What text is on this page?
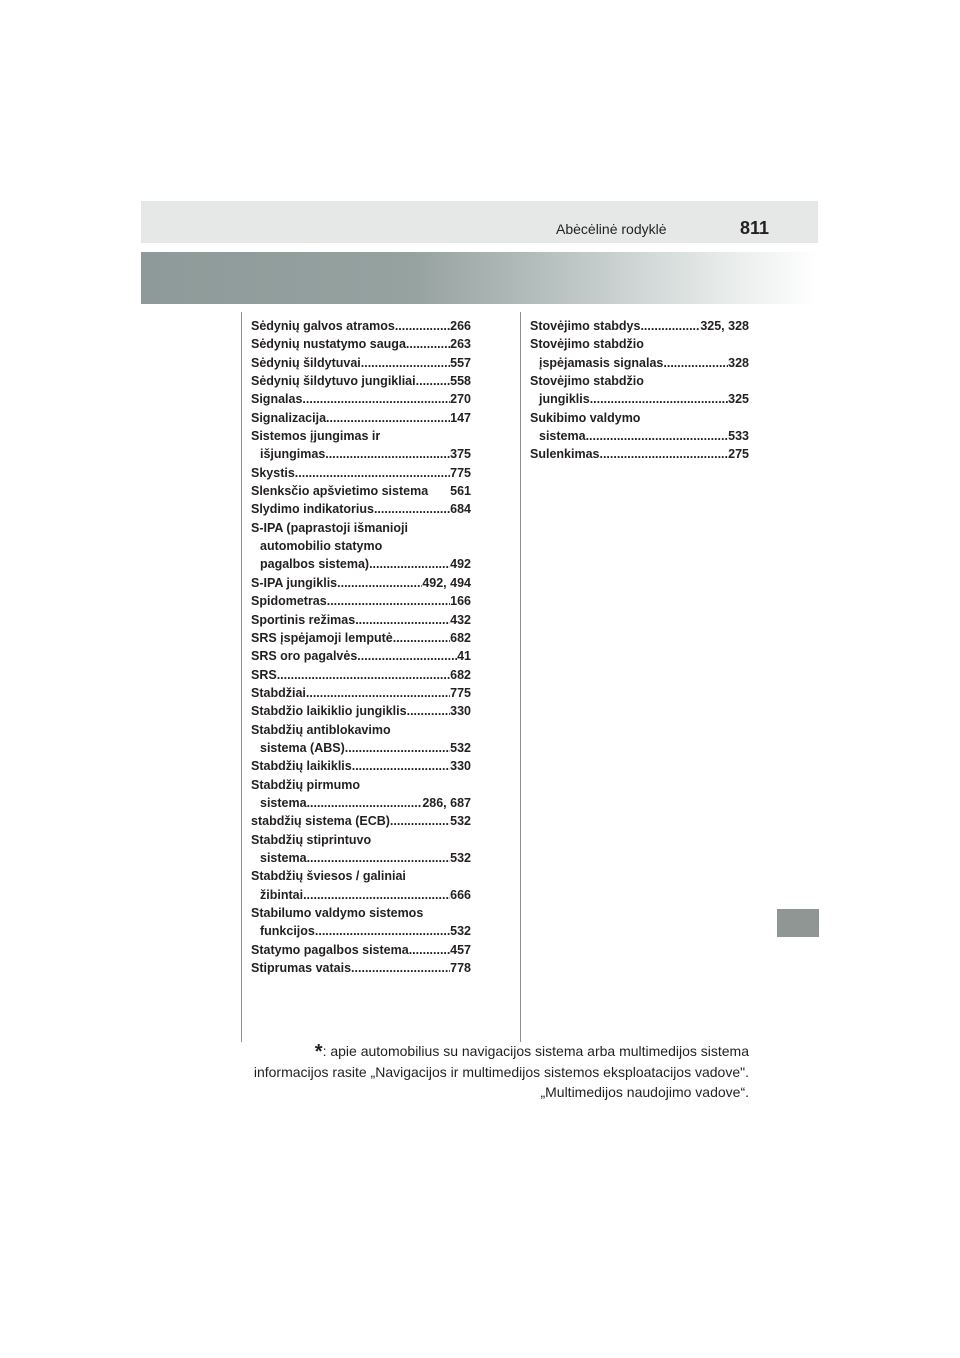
Abėcėlinė rodyklė	811
Sėdynių galvos atramos .....	266
Sėdynių nustatymo sauga .....	263
Sėdynių šildytuvai .....	557
Sėdynių šildytuvo jungikliai .....	558
Signalas .....	270
Signalizacija .....	147
Sistemos įjungimas ir
išjungimas .....	375
Skystis .....	775
Slenksčio apšvietimo sistema	561
Slydimo indikatorius .....	684
S-IPA (paprastoji išmanioji
automobilio statymo
pagalbos sistema) .....	492
S-IPA jungiklis .....	492, 494
Spidometras .....	166
Sportinis režimas .....	432
SRS įspėjamoji lemputė .....	682
SRS oro pagalvės .....	41
SRS .....	682
Stabdžiai .....	775
Stabdžio laikiklio jungiklis .....	330
Stabdžių antiblokavimo
sistema (ABS) .....	532
Stabdžių laikiklis .....	330
Stabdžių pirmumo
sistema .....	286, 687
stabdžių sistema (ECB) .....	532
Stabdžių stiprintuvo
sistema .....	532
Stabdžių šviesos / galiniai
žibintai .....	666
Stabilumo valdymo sistemos
funkcijos .....	532
Statymo pagalbos sistema .....	457
Stiprumas vatais .....	778
Stovėjimo stabdys .....	325, 328
Stovėjimo stabdžio
įspėjamasis signalas .....	328
Stovėjimo stabdžio
jungiklis .....	325
Sukibimo valdymo
sistema .....	533
Sulenkimas .....	275
*: apie automobilius su navigacijos sistema arba multimedijos sistema
informacijos rasite „Navigacijos ir multimedijos sistemos eksploatacijos vadove".
„Multimedijos naudojimo vadove“.
